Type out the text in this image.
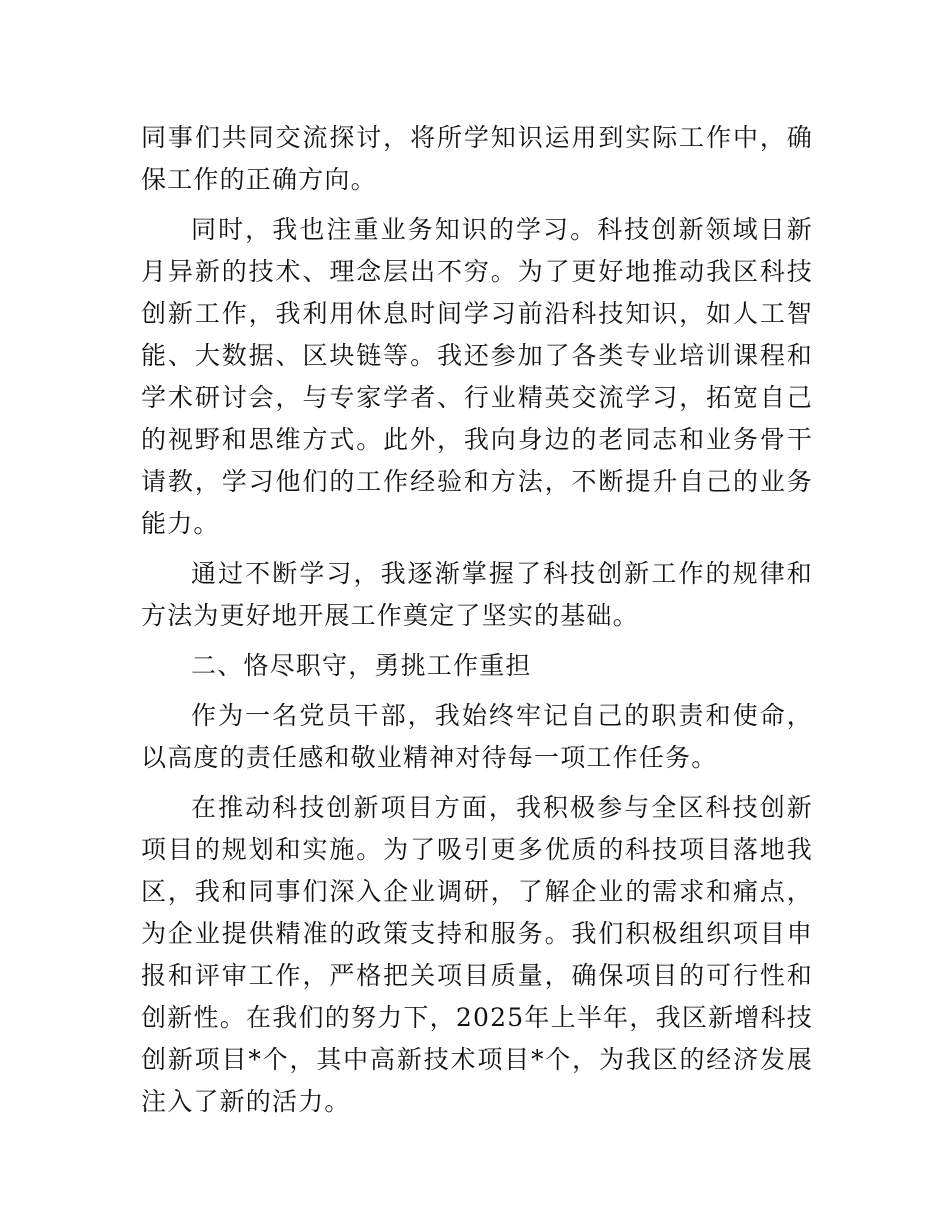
同事们共同交流探讨，将所学知识运用到实际工作中，确保工作的正确方向。

同时，我也注重业务知识的学习。科技创新领域日新月异新的技术、理念层出不穷。为了更好地推动我区科技创新工作，我利用休息时间学习前沿科技知识，如人工智能、大数据、区块链等。我还参加了各类专业培训课程和学术研讨会，与专家学者、行业精英交流学习，拓宽自己的视野和思维方式。此外，我向身边的老同志和业务骨干请教，学习他们的工作经验和方法，不断提升自己的业务能力。

通过不断学习，我逐渐掌握了科技创新工作的规律和方法为更好地开展工作奠定了坚实的基础。

二、恪尽职守，勇挑工作重担

作为一名党员干部，我始终牢记自己的职责和使命，以高度的责任感和敬业精神对待每一项工作任务。

在推动科技创新项目方面，我积极参与全区科技创新项目的规划和实施。为了吸引更多优质的科技项目落地我区，我和同事们深入企业调研，了解企业的需求和痛点，为企业提供精准的政策支持和服务。我们积极组织项目申报和评审工作，严格把关项目质量，确保项目的可行性和创新性。在我们的努力下，2025年上半年，我区新增科技创新项目*个，其中高新技术项目*个，为我区的经济发展注入了新的活力。
